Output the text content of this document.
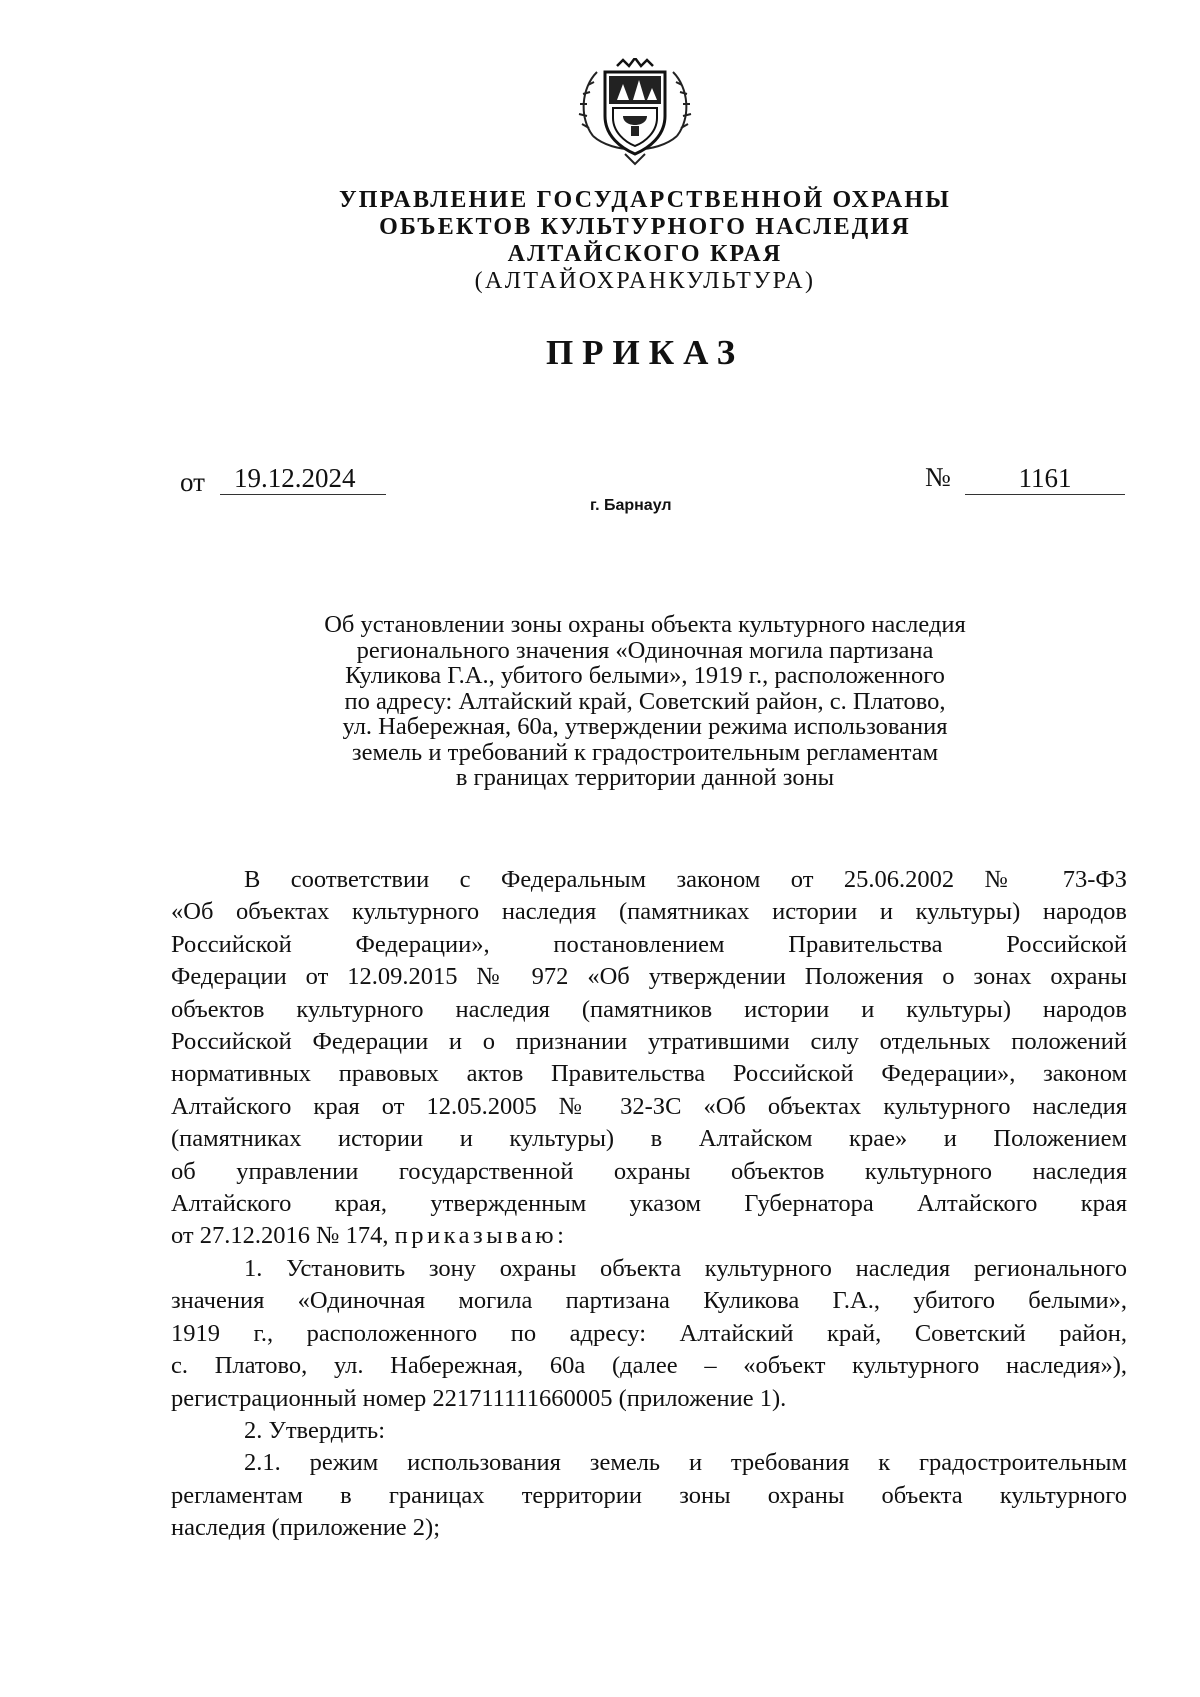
УПРАВЛЕНИЕ ГОСУДАРСТВЕННОЙ ОХРАНЫ
ОБЪЕКТОВ КУЛЬТУРНОГО НАСЛЕДИЯ
АЛТАЙСКОГО КРАЯ
(АЛТАЙОХРАНКУЛЬТУРА)
ПРИКАЗ
от	19.12.2024	№	1161
г. Барнаул
Об установлении зоны охраны объекта культурного наследия
регионального значения «Одиночная могила партизана
Куликова Г.А., убитого белыми», 1919 г., расположенного
по адресу: Алтайский край, Советский район, с. Платово,
ул. Набережная, 60а, утверждении режима использования
земель и требований к градостроительным регламентам
в границах территории данной зоны

В соответствии с Федеральным законом от 25.06.2002 № 73-ФЗ

«Об объектах культурного наследия (памятниках истории и культуры) народов

Российской Федерации», постановлением Правительства Российской

Федерации от 12.09.2015 № 972 «Об утверждении Положения о зонах охраны

объектов культурного наследия (памятников истории и культуры) народов

Российской Федерации и о признании утратившими силу отдельных положений

нормативных правовых актов Правительства Российской Федерации», законом

Алтайского края от 12.05.2005 № 32-ЗС «Об объектах культурного наследия

(памятниках истории и культуры) в Алтайском крае» и Положением

об управлении государственной охраны объектов культурного наследия

Алтайского края, утвержденным указом Губернатора Алтайского края

от 27.12.2016 № 174, приказываю:

1. Установить зону охраны объекта культурного наследия регионального

значения «Одиночная могила партизана Куликова Г.А., убитого белыми»,

1919 г., расположенного по адресу: Алтайский край, Советский район,

с. Платово, ул. Набережная, 60а (далее – «объект культурного наследия»),

регистрационный номер 221711111660005 (приложение 1).

2. Утвердить:

2.1. режим использования земель и требования к градостроительным

регламентам в границах территории зоны охраны объекта культурного

наследия (приложение 2);
